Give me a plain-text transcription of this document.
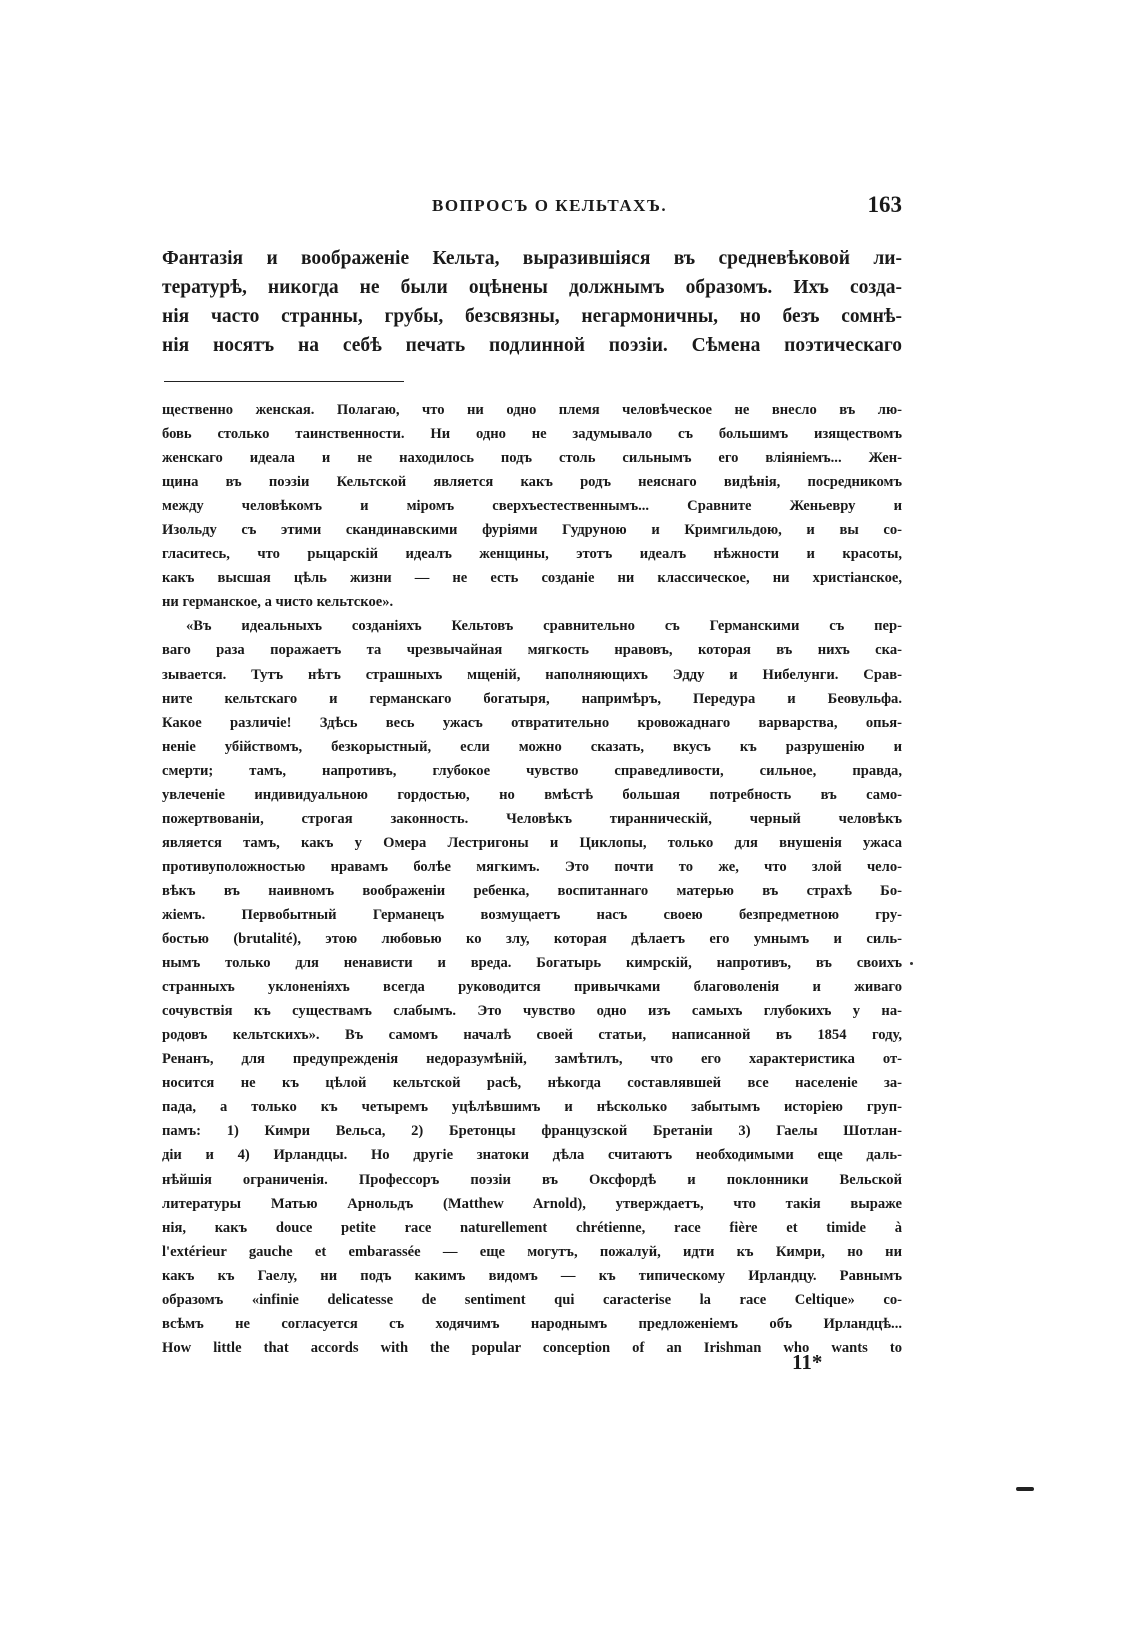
ВОПРОСЪ О КЕЛЬТАХЪ.	163
Фантазія и воображеніе Кельта, выразившіяся въ средневѣковой ли-
тературѣ, никогда не были оцѣнены должнымъ образомъ. Ихъ созда-
нія часто странны, грубы, безсвязны, негармоничны, но безъ сомнѣ-
нія носятъ на себѣ печать подлинной поэзіи. Сѣмена поэтическаго
щественно женская. Полагаю, что ни одно племя человѣческое не внесло въ лю-
бовь столько таинственности. Ни одно не задумывало съ большимъ изяществомъ
женскаго идеала и не находилось подъ столь сильнымъ его вліяніемъ... Жен-
щина въ поэзіи Кельтской является какъ родъ неяснаго видѣнія, посредникомъ
между человѣкомъ и міромъ сверхъестественнымъ... Сравните Женьевру и
Изольду съ этими скандинавскими фуріями Гудруною и Кримгильдою, и вы со-
гласитесь, что рыцарскій идеалъ женщины, этотъ идеалъ нѣжности и красоты,
какъ высшая цѣль жизни — не есть созданіе ни классическое, ни христіанское,
ни германское, а чисто кельтское».
«Въ идеальныхъ созданіяхъ Кельтовъ сравнительно съ Германскими съ пер-
ваго раза поражаетъ та чрезвычайная мягкость нравовъ, которая въ нихъ ска-
зывается. Тутъ нѣтъ страшныхъ мщеній, наполняющихъ Эдду и Нибелунги. Срав-
ните кельтскаго и германскаго богатыря, напримѣръ, Передура и Беовульфа.
Какое различіе! Здѣсь весь ужасъ отвратительно кровожаднаго варварства, опья-
неніе убійствомъ, безкорыстный, если можно сказать, вкусъ къ разрушенію и
смерти; тамъ, напротивъ, глубокое чувство справедливости, сильное, правда,
увлеченіе индивидуальною гордостью, но вмѣстѣ большая потребность въ само-
пожертвованіи, строгая законность. Человѣкъ тиранническій, черный человѣкъ
является тамъ, какъ у Омера Лестригоны и Циклопы, только для внушенія ужаса
противуположностью нравамъ болѣе мягкимъ. Это почти то же, что злой чело-
вѣкъ въ наивномъ воображеніи ребенка, воспитаннаго матерью въ страхѣ Бо-
жіемъ. Первобытный Германецъ возмущаетъ насъ своею безпредметною гру-
бостью (brutalité), этою любовью ко злу, которая дѣлаетъ его умнымъ и силь-
нымъ только для ненависти и вреда. Богатырь кимрскій, напротивъ, въ своихъ
странныхъ уклоненіяхъ всегда руководится привычками благоволенія и живаго
сочувствія къ существамъ слабымъ. Это чувство одно изъ самыхъ глубокихъ у на-
родовъ кельтскихъ». Въ самомъ началѣ своей статьи, написанной въ 1854 году,
Ренанъ, для предупрежденія недоразумѣній, замѣтилъ, что его характеристика от-
носится не къ цѣлой кельтской расѣ, нѣкогда составлявшей все населеніе за-
пада, а только къ четыремъ уцѣлѣвшимъ и нѣсколько забытымъ исторіею груп-
памъ: 1) Кимри Вельса, 2) Бретонцы французской Бретаніи 3) Гаелы Шотлан-
діи и 4) Ирландцы. Но другіе знатоки дѣла считаютъ необходимыми еще даль-
нѣйшія ограниченія. Профессоръ поэзіи въ Оксфордѣ и поклонники Вельской
литературы Матью Арнольдъ (Matthew Arnold), утверждаетъ, что такія выраже
нія, какъ douce petite race naturellement chrétienne, race fière et timide à
l'extérieur gauche et embarassée — еще могутъ, пожалуй, идти къ Кимри, но ни
какъ къ Гаелу, ни подъ какимъ видомъ — къ типическому Ирландцу. Равнымъ
образомъ «infinie delicatesse de sentiment qui caracterise la race Celtique» со-
всѣмъ не согласуется съ ходячимъ народнымъ предложеніемъ объ Ирландцѣ...
How little that accords with the popular conception of an Irishman who wants to
11*
